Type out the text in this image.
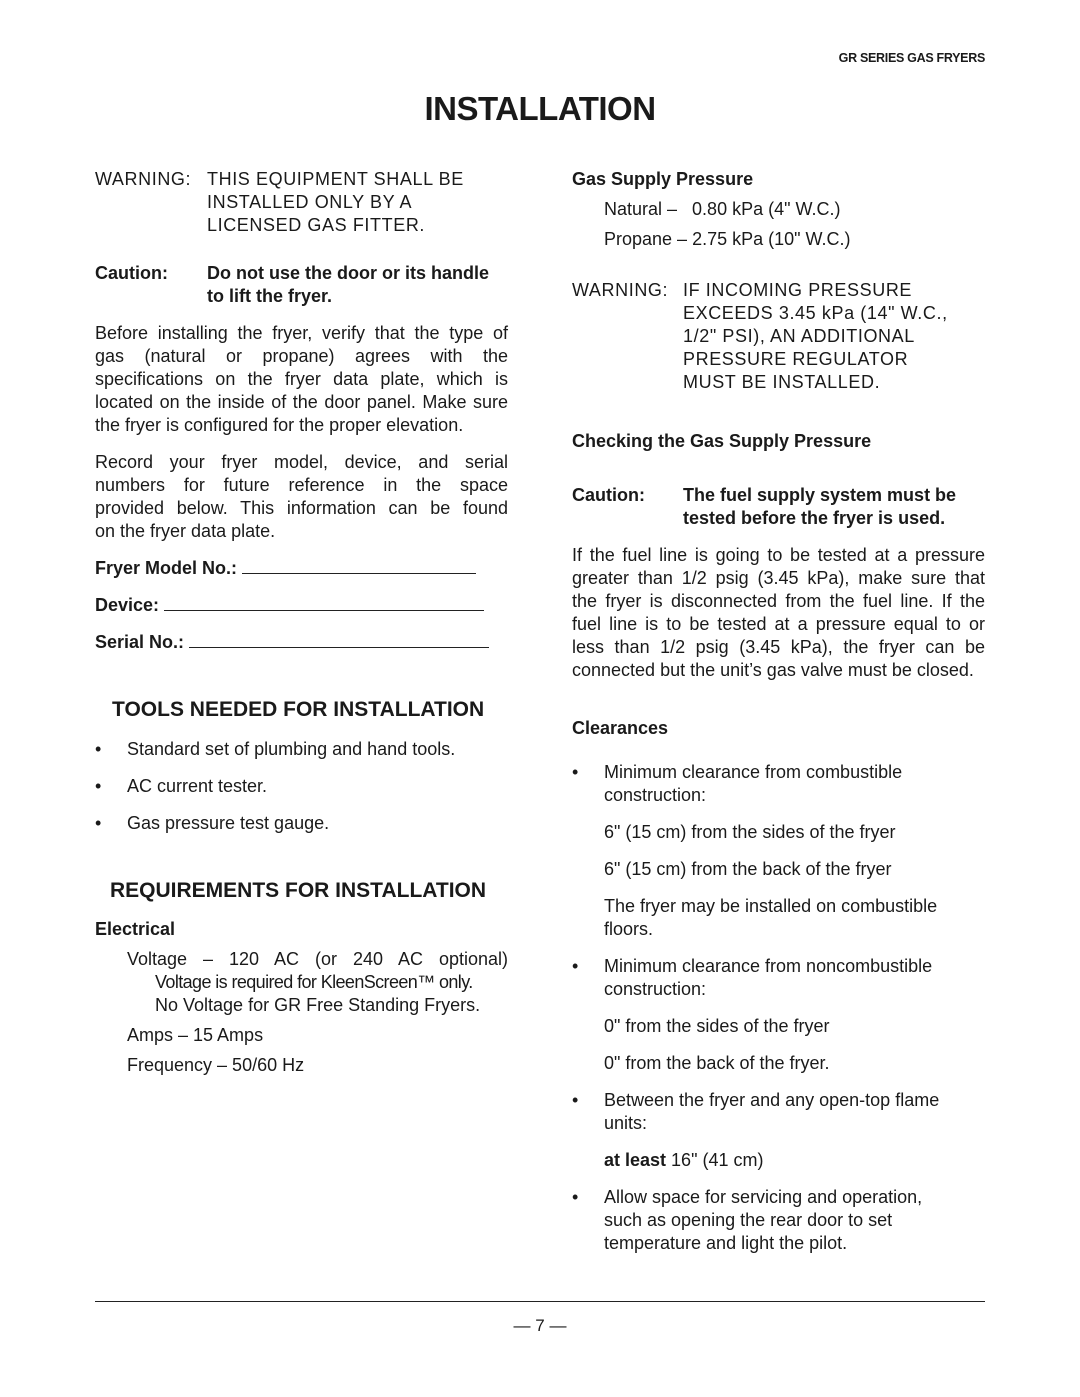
GR SERIES GAS FRYERS
INSTALLATION
WARNING: THIS EQUIPMENT SHALL BE
INSTALLED ONLY BY A
LICENSED GAS FITTER.
Caution: Do not use the door or its handle
to lift the fryer.
Before installing the fryer, verify that the type of
gas (natural or propane) agrees with the
specifications on the fryer data plate, which is
located on the inside of the door panel. Make sure
the fryer is configured for the proper elevation.
Record your fryer model, device, and serial
numbers for future reference in the space
provided below. This information can be found
on the fryer data plate.
Fryer Model No.:
Device:
Serial No.:
TOOLS NEEDED FOR INSTALLATION
• Standard set of plumbing and hand tools.
• AC current tester.
• Gas pressure test gauge.
REQUIREMENTS FOR INSTALLATION
Electrical
Voltage – 120 AC (or 240 AC optional)
Voltage is required for KleenScreen™ only.
No Voltage for GR Free Standing Fryers.
Amps – 15 Amps
Frequency – 50/60 Hz
Gas Supply Pressure
Natural –   0.80 kPa (4" W.C.)
Propane – 2.75 kPa (10" W.C.)
WARNING: IF INCOMING PRESSURE
EXCEEDS 3.45 kPa (14" W.C.,
1/2" PSI), AN ADDITIONAL
PRESSURE REGULATOR
MUST BE INSTALLED.
Checking the Gas Supply Pressure
Caution: The fuel supply system must be
tested before the fryer is used.
If the fuel line is going to be tested at a pressure
greater than 1/2 psig (3.45 kPa), make sure that
the fryer is disconnected from the fuel line. If the
fuel line is to be tested at a pressure equal to or
less than 1/2 psig (3.45 kPa), the fryer can be
connected but the unit’s gas valve must be closed.
Clearances
• Minimum clearance from combustible
construction:
6" (15 cm) from the sides of the fryer
6" (15 cm) from the back of the fryer
The fryer may be installed on combustible
floors.
• Minimum clearance from noncombustible
construction:
0" from the sides of the fryer
0" from the back of the fryer.
• Between the fryer and any open-top flame
units:
at least 16" (41 cm)
• Allow space for servicing and operation,
such as opening the rear door to set
temperature and light the pilot.
— 7 —
